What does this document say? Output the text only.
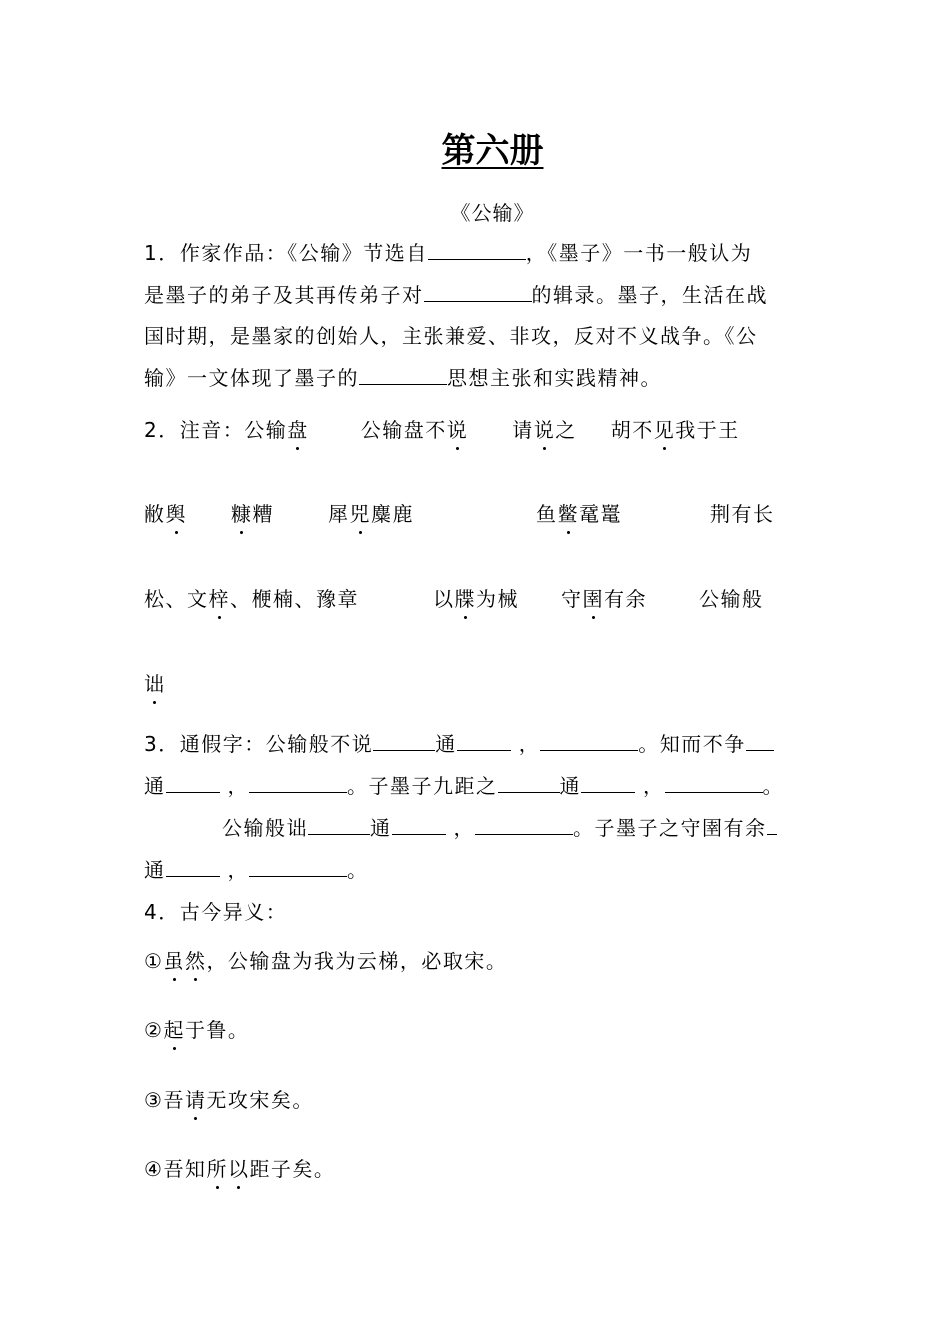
第六册
《公输》
1．作家作品：《公输》节选自	，《墨子》一书一般认为
是墨子的弟子及其再传弟子对	的辑录。墨子，生活在战
国时期，是墨家的创始人，主张兼爱、非攻，反对不义战争。《公
输》一文体现了墨子的	思想主张和实践精神。
2．注音：公输盘	公输盘不说 请说之 胡不见我于王
敝舆 糠糟	犀兕麋鹿	鱼鳖鼋鼍	荆有长
松、文梓、楩楠、豫章	以牒为械 守圉有余	公输般
诎
3．通假字：公输般不说	通	，	。知而不争
通	，	。子墨子九距之	通	，	。
公输般诎	通	，	。子墨子之守圉有余
通	，	。
4．古今异义：
①虽然，公输盘为我为云梯，必取宋。
②起于鲁。
③吾请无攻宋矣。
④吾知所以距子矣。
